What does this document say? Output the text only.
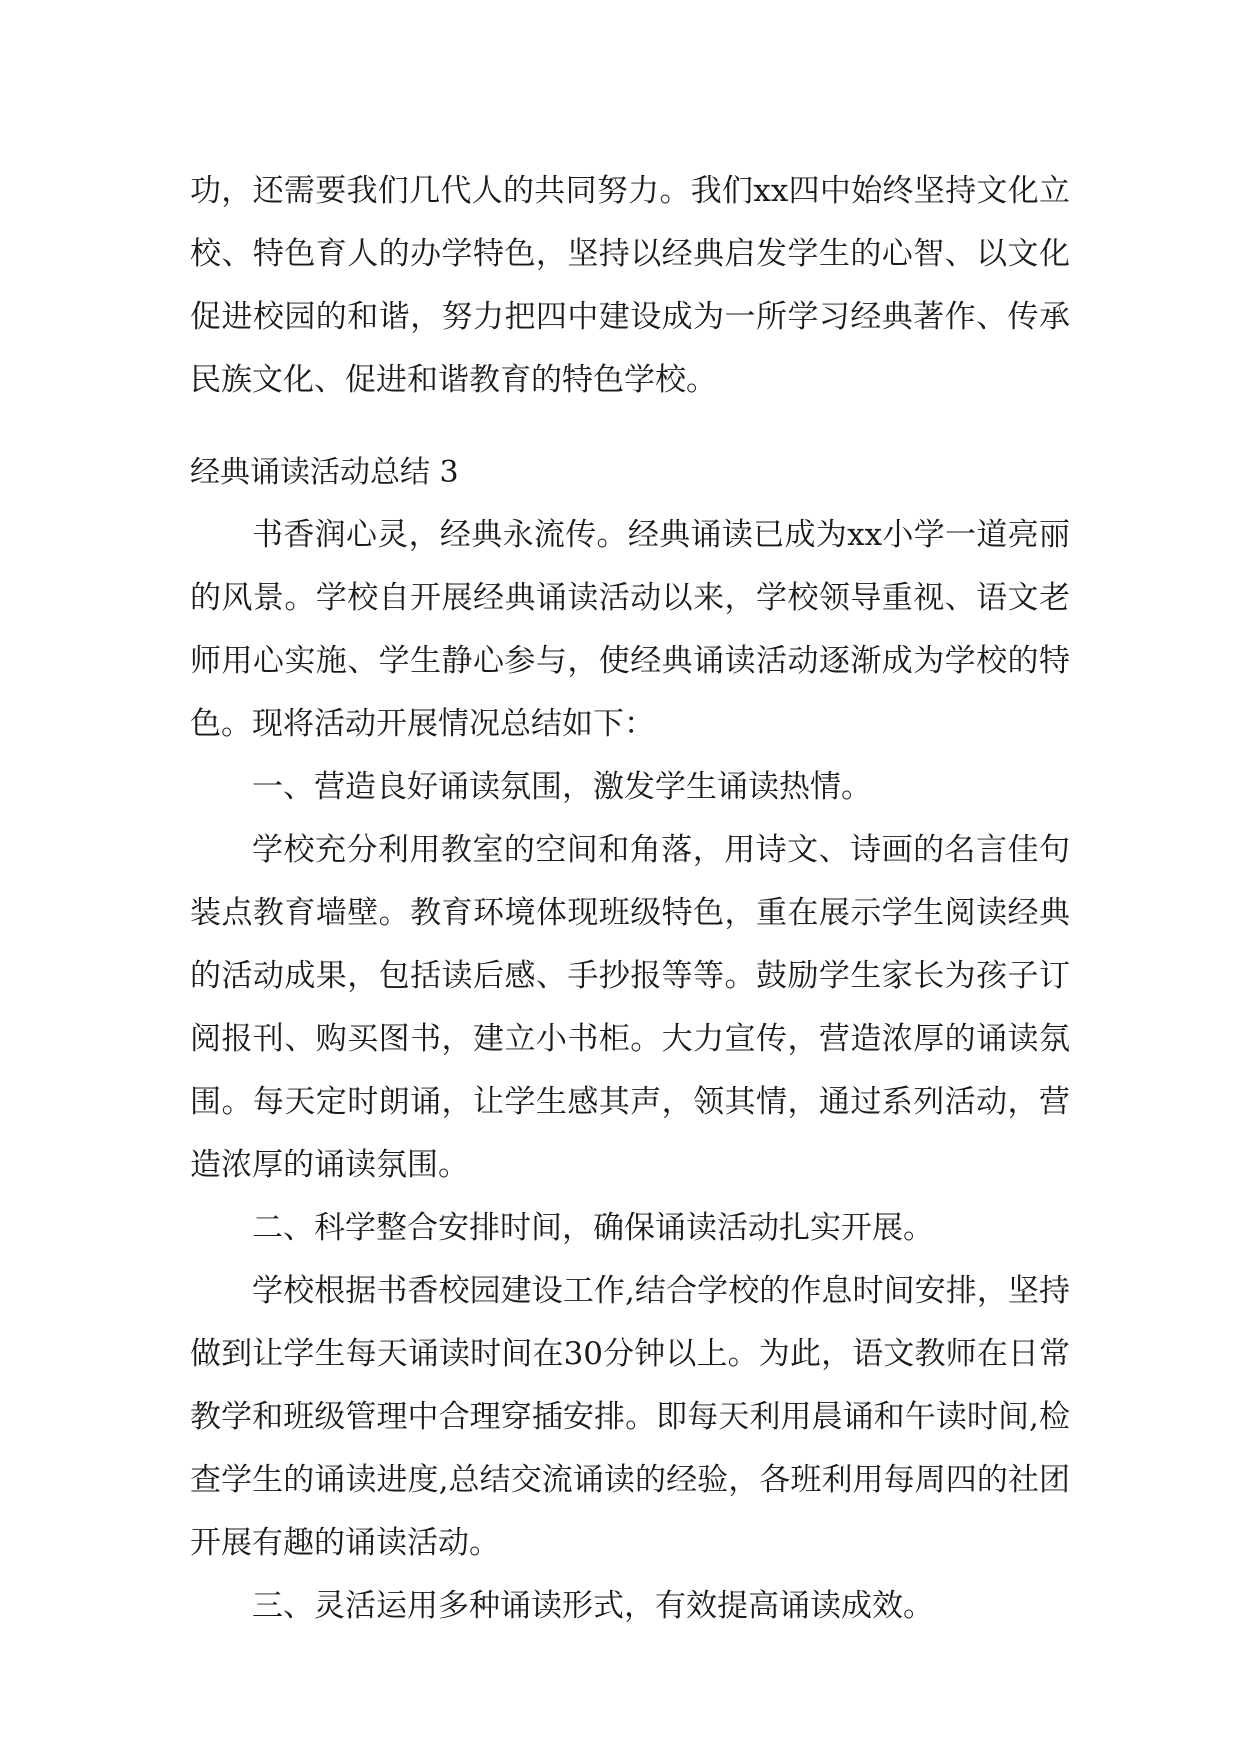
功，还需要我们几代人的共同努力。我们xx四中始终坚持文化立校、特色育人的办学特色，坚持以经典启发学生的心智、以文化促进校园的和谐，努力把四中建设成为一所学习经典著作、传承民族文化、促进和谐教育的特色学校。

经典诵读活动总结 3

书香润心灵，经典永流传。经典诵读已成为xx小学一道亮丽的风景。学校自开展经典诵读活动以来，学校领导重视、语文老师用心实施、学生静心参与，使经典诵读活动逐渐成为学校的特色。现将活动开展情况总结如下：

一、营造良好诵读氛围，激发学生诵读热情。

学校充分利用教室的空间和角落，用诗文、诗画的名言佳句装点教育墙壁。教育环境体现班级特色，重在展示学生阅读经典的活动成果，包括读后感、手抄报等等。鼓励学生家长为孩子订阅报刊、购买图书，建立小书柜。大力宣传，营造浓厚的诵读氛围。每天定时朗诵，让学生感其声，领其情，通过系列活动，营造浓厚的诵读氛围。

二、科学整合安排时间，确保诵读活动扎实开展。

学校根据书香校园建设工作,结合学校的作息时间安排，坚持做到让学生每天诵读时间在30分钟以上。为此，语文教师在日常教学和班级管理中合理穿插安排。即每天利用晨诵和午读时间,检查学生的诵读进度,总结交流诵读的经验，各班利用每周四的社团开展有趣的诵读活动。

三、灵活运用多种诵读形式，有效提高诵读成效。
